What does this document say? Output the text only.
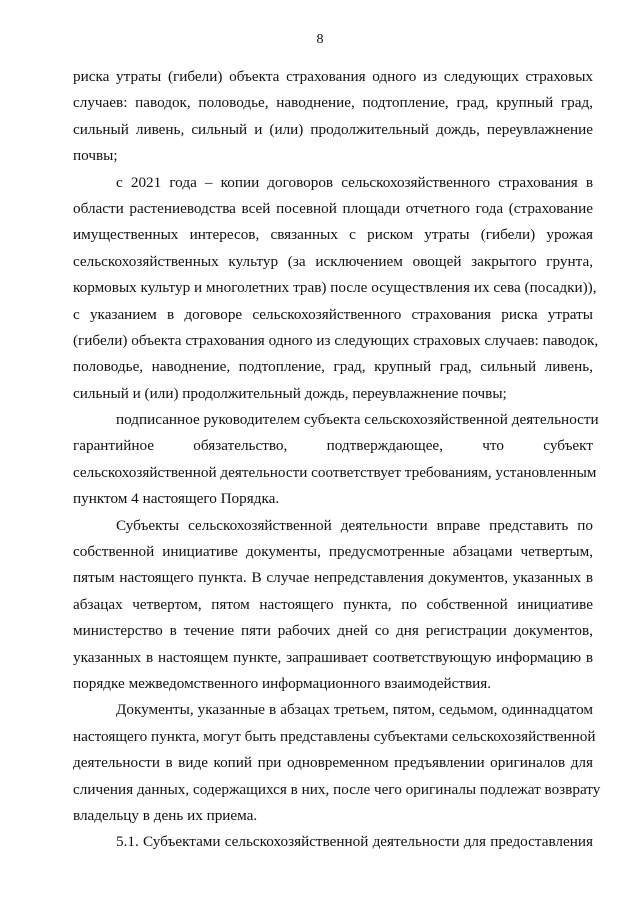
8
риска утраты (гибели) объекта страхования одного из следующих страховых
случаев: паводок, половодье, наводнение, подтопление, град, крупный град,
сильный ливень, сильный и (или) продолжительный дождь, переувлажнение
почвы;
с 2021 года – копии договоров сельскохозяйственного страхования в
области растениеводства всей посевной площади отчетного года (страхование
имущественных интересов, связанных с риском утраты (гибели) урожая
сельскохозяйственных культур (за исключением овощей закрытого грунта,
кормовых культур и многолетних трав) после осуществления их сева (посадки)),
с указанием в договоре сельскохозяйственного страхования риска утраты
(гибели) объекта страхования одного из следующих страховых случаев: паводок,
половодье, наводнение, подтопление, град, крупный град, сильный ливень,
сильный и (или) продолжительный дождь, переувлажнение почвы;
подписанное руководителем субъекта сельскохозяйственной деятельности
гарантийное обязательство, подтверждающее, что субъект
сельскохозяйственной деятельности соответствует требованиям, установленным
пунктом 4 настоящего Порядка.
Субъекты сельскохозяйственной деятельности вправе представить по
собственной инициативе документы, предусмотренные абзацами четвертым,
пятым настоящего пункта. В случае непредставления документов, указанных в
абзацах четвертом, пятом настоящего пункта, по собственной инициативе
министерство в течение пяти рабочих дней со дня регистрации документов,
указанных в настоящем пункте, запрашивает соответствующую информацию в
порядке межведомственного информационного взаимодействия.
Документы, указанные в абзацах третьем, пятом, седьмом, одиннадцатом
настоящего пункта, могут быть представлены субъектами сельскохозяйственной
деятельности в виде копий при одновременном предъявлении оригиналов для
сличения данных, содержащихся в них, после чего оригиналы подлежат возврату
владельцу в день их приема.
5.1. Субъектами сельскохозяйственной деятельности для предоставления
